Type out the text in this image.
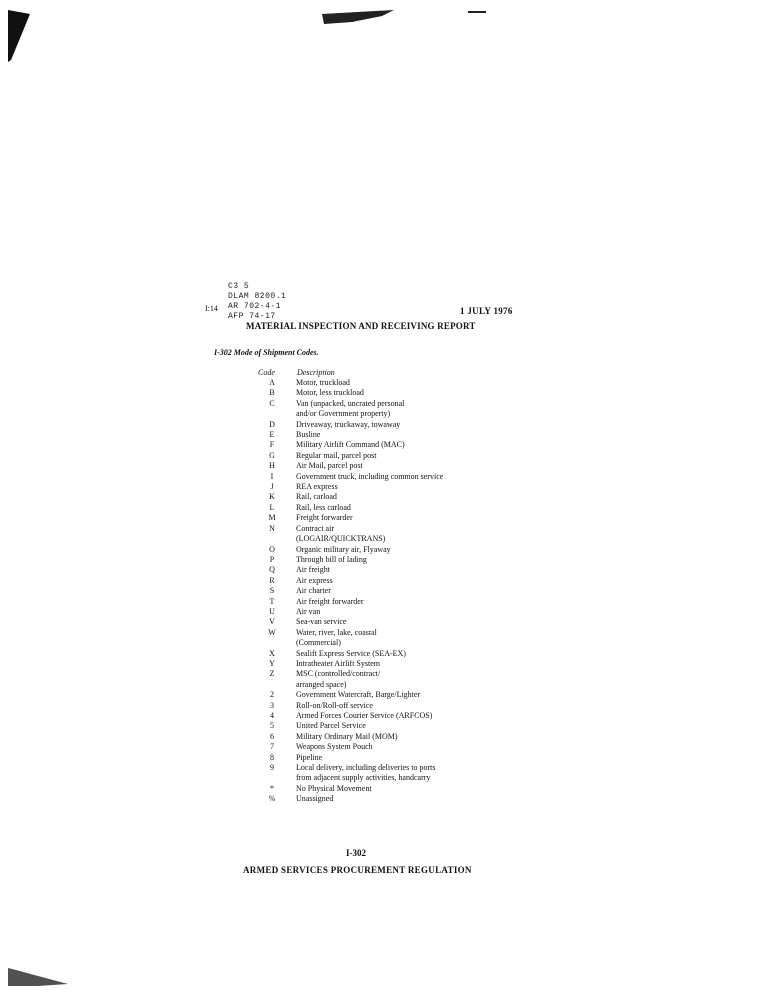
C3 5
DLAM 8200.1
I:14 AR 702-4-1
AFP 74-17
1 JULY 1976
MATERIAL INSPECTION AND RECEIVING REPORT
I-302 Mode of Shipment Codes.
Code	Description
A	Motor, truckload
B	Motor, less truckload
C	Van (unpacked, uncrated personal
	and/or Government property)
D	Driveaway, truckaway, towaway
E	Busline
F	Military Airlift Command (MAC)
G	Regular mail, parcel post
H	Air Mail, parcel post
I	Government truck, including common service
J	REA express
K	Rail, carload
L	Rail, less carload
M	Freight forwarder
N	Contract air
	(LOGAIR/QUICKTRANS)
O	Organic military air, Flyaway
P	Through bill of lading
Q	Air freight
R	Air express
S	Air charter
T	Air freight forwarder
U	Air van
V	Sea-van service
W	Water, river, lake, coastal
	(Commercial)
X	Sealift Express Service (SEA-EX)
Y	Intratheater Airlift System
Z	MSC (controlled/contract/
	arranged space)
2	Government Watercraft, Barge/Lighter
3	Roll-on/Roll-off service
4	Armed Forces Courier Service (ARFCOS)
5	United Parcel Service
6	Military Ordinary Mail (MOM)
7	Weapons System Pouch
8	Pipeline
9	Local delivery, including deliveries to ports
	from adjacent supply activities, handcarry
*	No Physical Movement
%	Unassigned
I-302
ARMED SERVICES PROCUREMENT REGULATION
